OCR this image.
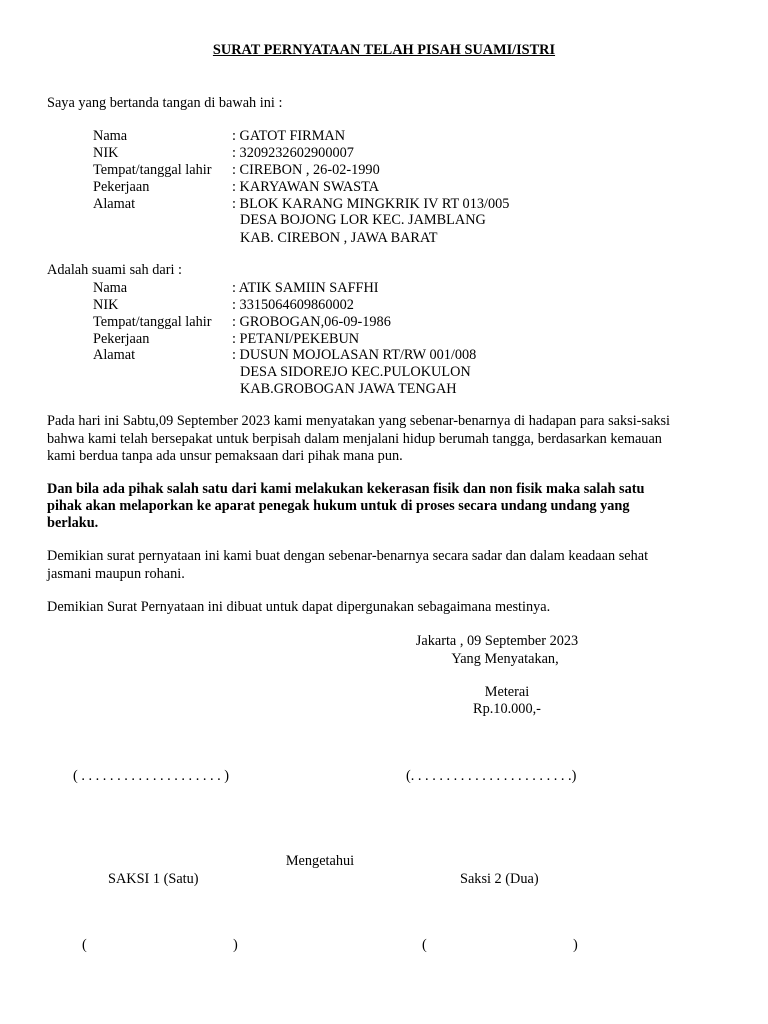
SURAT PERNYATAAN TELAH PISAH SUAMI/ISTRI
Saya yang bertanda tangan di bawah ini :
Nama	: GATOT FIRMAN
NIK	: 3209232602900007
Tempat/tanggal lahir : CIREBON , 26-02-1990
Pekerjaan	: KARYAWAN SWASTA
Alamat	: BLOK KARANG MINGKRIK IV RT 013/005
DESA BOJONG LOR KEC. JAMBLANG
KAB. CIREBON , JAWA BARAT
Adalah suami sah dari :
Nama	: ATIK SAMIIN SAFFHI
NIK	: 3315064609860002
Tempat/tanggal lahir : GROBOGAN,06-09-1986
Pekerjaan	: PETANI/PEKEBUN
Alamat	: DUSUN MOJOLASAN RT/RW 001/008
DESA SIDOREJO KEC.PULOKULON
KAB.GROBOGAN JAWA TENGAH
Pada hari ini Sabtu,09 September 2023 kami menyatakan yang sebenar-benarnya di hadapan para saksi-saksi
bahwa kami telah bersepakat untuk berpisah dalam menjalani hidup berumah tangga, berdasarkan kemauan
kami berdua tanpa ada unsur pemaksaan dari pihak mana pun.
Dan bila ada pihak salah satu dari kami melakukan kekerasan fisik dan non fisik maka salah satu
pihak akan melaporkan ke aparat penegak hukum untuk di proses secara undang undang yang
berlaku.
Demikian surat pernyataan ini kami buat dengan sebenar-benarnya secara sadar dan dalam keadaan sehat
jasmani maupun rohani.
Demikian Surat Pernyataan ini dibuat untuk dapat dipergunakan sebagaimana mestinya.
Jakarta , 09 September 2023
Yang Menyatakan,
Meterai
Rp.10.000,-
( . . . . . . . . . . . . . . . . . . . . )	(. . . . . . . . . . . . . . . . . . . . . . .)
Mengetahui
SAKSI 1 (Satu)	Saksi 2 (Dua)
(	)	(	)
